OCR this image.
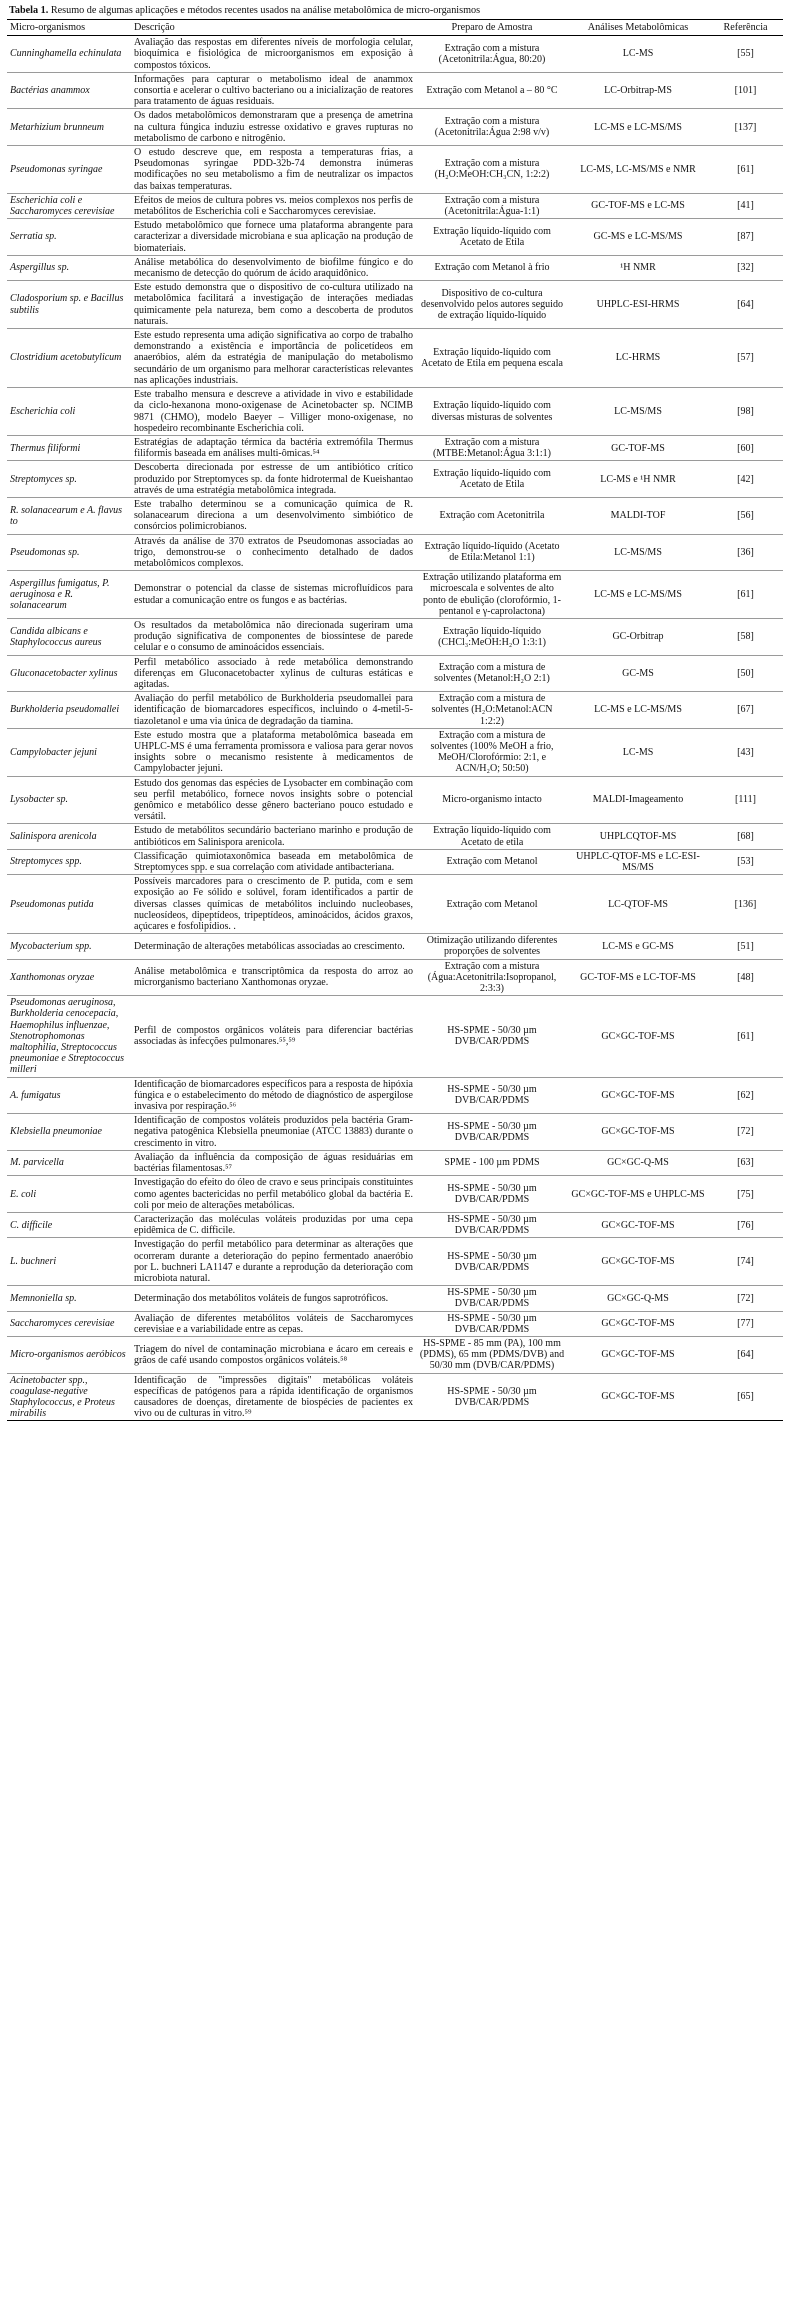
Tabela 1. Resumo de algumas aplicações e métodos recentes usados na análise metabolômica de micro-organismos
Micro-organismos	Descrição	Preparo de Amostra	Análises Metabolômicas	Referência
Cunninghamella echinulata	Avaliação das respostas em diferentes níveis de morfologia celular, bioquímica e fisiológica de microorganismos em exposição à compostos tóxicos.	Extração com a mistura (Acetonitrila:Água, 80:20)	LC-MS	[55]
Bactérias anammox	Informações para capturar o metabolismo ideal de anammox consortia e acelerar o cultivo bacteriano ou a inicialização de reatores para tratamento de águas residuais.	Extração com Metanol a – 80 °C	LC-Orbitrap-MS	[101]
Metarhizium brunneum	Os dados metabolômicos demonstraram que a presença de ametrina na cultura fúngica induziu estresse oxidativo e graves rupturas no metabolismo de carbono e nitrogênio.	Extração com a mistura (Acetonitrila:Água 2:98 v/v)	LC-MS e LC-MS/MS	[137]
Pseudomonas syringae	O estudo descreve que, em resposta a temperaturas frias, a Pseudomonas syringae PDD-32b-74 demonstra inúmeras modificações no seu metabolismo a fim de neutralizar os impactos das baixas temperaturas.	Extração com a mistura (H₂O:MeOH:CH₃CN, 1:2:2)	LC-MS, LC-MS/MS e NMR	[61]
Escherichia coli e Saccharomyces cerevisiae	Efeitos de meios de cultura pobres vs. meios complexos nos perfis de metabólitos de Escherichia coli e Saccharomyces cerevisiae.	Extração com a mistura (Acetonitrila:Água-1:1)	GC-TOF-MS e LC-MS	[41]
Serratia sp.	Estudo metabolômico que fornece uma plataforma abrangente para caracterizar a diversidade microbiana e sua aplicação na produção de biomateriais.	Extração líquido-líquido com Acetato de Etila	GC-MS e LC-MS/MS	[87]
Aspergillus sp.	Análise metabólica do desenvolvimento de biofilme fúngico e do mecanismo de detecção do quórum de ácido araquidônico.	Extração com Metanol à frio	¹H NMR	[32]
Cladosporium sp. e Bacillus subtilis	Este estudo demonstra que o dispositivo de co-cultura utilizado na metabolômica facilitará a investigação de interações mediadas quimicamente pela natureza, bem como a descoberta de produtos naturais.	Dispositivo de co-cultura desenvolvido pelos autores seguido de extração líquido-líquido	UHPLC-ESI-HRMS	[64]
Clostridium acetobutylicum	Este estudo representa uma adição significativa ao corpo de trabalho demonstrando a existência e importância de policetídeos em anaeróbios, além da estratégia de manipulação do metabolismo secundário de um organismo para melhorar características relevantes nas aplicações industriais.	Extração líquido-líquido com Acetato de Etila em pequena escala	LC-HRMS	[57]
Escherichia coli	Este trabalho mensura e descreve a atividade in vivo e estabilidade da ciclo-hexanona mono-oxigenase de Acinetobacter sp. NCIMB 9871 (CHMO), modelo Baeyer – Villiger mono-oxigenase, no hospedeiro recombinante Escherichia coli.	Extração líquido-líquido com diversas misturas de solventes	LC-MS/MS	[98]
Thermus filiformi	Estratégias de adaptação térmica da bactéria extremófila Thermus filiformis baseada em análises multi-ômicas.⁵⁴	Extração com a mistura (MTBE:Metanol:Água 3:1:1)	GC-TOF-MS	[60]
Streptomyces sp.	Descoberta direcionada por estresse de um antibiótico crítico produzido por Streptomyces sp. da fonte hidrotermal de Kueishantao através de uma estratégia metabolômica integrada.	Extração líquido-líquido com Acetato de Etila	LC-MS e ¹H NMR	[42]
R. solanacearum e A. flavus to	Este trabalho determinou se a comunicação química de R. solanacearum direciona a um desenvolvimento simbiótico de consórcios polimicrobianos.	Extração com Acetonitrila	MALDI-TOF	[56]
Pseudomonas sp.	Através da análise de 370 extratos de Pseudomonas associadas ao trigo, demonstrou-se o conhecimento detalhado de dados metabolômicos complexos.	Extração líquido-líquido (Acetato de Etila:Metanol 1:1)	LC-MS/MS	[36]
Aspergillus fumigatus, P. aeruginosa e R. solanacearum	Demonstrar o potencial da classe de sistemas microfluídicos para estudar a comunicação entre os fungos e as bactérias.	Extração utilizando plataforma em microescala e solventes de alto ponto de ebulição (clorofórmio, 1-pentanol e γ-caprolactona)	LC-MS e LC-MS/MS	[61]
Candida albicans e Staphylococcus aureus	Os resultados da metabolômica não direcionada sugeriram uma produção significativa de componentes de biossíntese de parede celular e o consumo de aminoácidos essenciais.	Extração líquido-líquido (CHCl₃:MeOH:H₂O 1:3:1)	GC-Orbitrap	[58]
Gluconacetobacter xylinus	Perfil metabólico associado à rede metabólica demonstrando diferenças em Gluconacetobacter xylinus de culturas estáticas e agitadas.	Extração com a mistura de solventes (Metanol:H₂O 2:1)	GC-MS	[50]
Burkholderia pseudomallei	Avaliação do perfil metabólico de Burkholderia pseudomallei para identificação de biomarcadores específicos, incluindo o 4-metil-5-tiazoletanol e uma via única de degradação da tiamina.	Extração com a mistura de solventes (H₂O:Metanol:ACN 1:2:2)	LC-MS e LC-MS/MS	[67]
Campylobacter jejuni	Este estudo mostra que a plataforma metabolômica baseada em UHPLC-MS é uma ferramenta promissora e valiosa para gerar novos insights sobre o mecanismo resistente à medicamentos de Campylobacter jejuni.	Extração com a mistura de solventes (100% MeOH a frio, MeOH/Clorofórmio: 2:1, e ACN/H₂O; 50:50)	LC-MS	[43]
Lysobacter sp.	Estudo dos genomas das espécies de Lysobacter em combinação com seu perfil metabólico, fornece novos insights sobre o potencial genômico e metabólico desse gênero bacteriano pouco estudado e versátil.	Micro-organismo intacto	MALDI-Imageamento	[111]
Salinispora arenicola	Estudo de metabólitos secundário bacteriano marinho e produção de antibióticos em Salinispora arenicola.	Extração líquido-líquido com Acetato de etila	UHPLCQTOF-MS	[68]
Streptomyces spp.	Classificação quimiotaxonômica baseada em metabolômica de Streptomyces spp. e sua correlação com atividade antibacteriana.	Extração com Metanol	UHPLC-QTOF-MS e LC-ESI-MS/MS	[53]
Pseudomonas putida	Possíveis marcadores para o crescimento de P. putida, com e sem exposição ao Fe sólido e solúvel, foram identificados a partir de diversas classes químicas de metabólitos incluindo nucleobases, nucleosídeos, dipeptídeos, tripeptídeos, aminoácidos, ácidos graxos, açúcares e fosfolipídios. .	Extração com Metanol	LC-QTOF-MS	[136]
Mycobacterium spp.	Determinação de alterações metabólicas associadas ao crescimento.	Otimização utilizando diferentes proporções de solventes	LC-MS e GC-MS	[51]
Xanthomonas oryzae	Análise metabolômica e transcriptômica da resposta do arroz ao microrganismo bacteriano Xanthomonas oryzae.	Extração com a mistura (Água:Acetonitrila:Isopropanol, 2:3:3)	GC-TOF-MS e LC-TOF-MS	[48]
Pseudomonas aeruginosa, Burkholderia cenocepacia, Haemophilus influenzae, Stenotrophomonas maltophilia, Streptococcus pneumoniae e Streptococcus milleri	Perfil de compostos orgânicos voláteis para diferenciar bactérias associadas às infecções pulmonares.⁵⁵,⁵⁹	HS-SPME - 50/30 µm DVB/CAR/PDMS	GC×GC-TOF-MS	[61]
A. fumigatus	Identificação de biomarcadores específicos para a resposta de hipóxia fúngica e o estabelecimento do método de diagnóstico de aspergilose invasiva por respiração.⁵⁶	HS-SPME - 50/30 µm DVB/CAR/PDMS	GC×GC-TOF-MS	[62]
Klebsiella pneumoniae	Identificação de compostos voláteis produzidos pela bactéria Gram-negativa patogênica Klebsiella pneumoniae (ATCC 13883) durante o crescimento in vitro.	HS-SPME - 50/30 µm DVB/CAR/PDMS	GC×GC-TOF-MS	[72]
M. parvicella	Avaliação da influência da composição de águas residuárias em bactérias filamentosas.⁵⁷	SPME - 100 µm PDMS	GC×GC-Q-MS	[63]
E. coli	Investigação do efeito do óleo de cravo e seus principais constituintes como agentes bactericidas no perfil metabólico global da bactéria E. coli por meio de alterações metabólicas.	HS-SPME - 50/30 µm DVB/CAR/PDMS	GC×GC-TOF-MS e UHPLC-MS	[75]
C. difficile	Caracterização das moléculas voláteis produzidas por uma cepa epidêmica de C. difficile.	HS-SPME - 50/30 µm DVB/CAR/PDMS	GC×GC-TOF-MS	[76]
L. buchneri	Investigação do perfil metabólico para determinar as alterações que ocorreram durante a deterioração do pepino fermentado anaeróbio por L. buchneri LA1147 e durante a reprodução da deterioração com microbiota natural.	HS-SPME - 50/30 µm DVB/CAR/PDMS	GC×GC-TOF-MS	[74]
Memnoniella sp.	Determinação dos metabólitos voláteis de fungos saprotróficos.	HS-SPME - 50/30 µm DVB/CAR/PDMS	GC×GC-Q-MS	[72]
Saccharomyces cerevisiae	Avaliação de diferentes metabólitos voláteis de Saccharomyces cerevisiae e a variabilidade entre as cepas.	HS-SPME - 50/30 µm DVB/CAR/PDMS	GC×GC-TOF-MS	[77]
Micro-organismos aeróbicos	Triagem do nível de contaminação microbiana e ácaro em cereais e grãos de café usando compostos orgânicos voláteis.⁵⁸	HS-SPME - 85 mm (PA), 100 mm (PDMS), 65 mm (PDMS/DVB) and 50/30 mm (DVB/CAR/PDMS)	GC×GC-TOF-MS	[64]
Acinetobacter spp., coagulase-negative Staphylococcus, e Proteus mirabilis	Identificação de "impressões digitais" metabólicas voláteis específicas de patógenos para a rápida identificação de organismos causadores de doenças, diretamente de biospécies de pacientes ex vivo ou de culturas in vitro.⁵⁹	HS-SPME - 50/30 µm DVB/CAR/PDMS	GC×GC-TOF-MS	[65]
